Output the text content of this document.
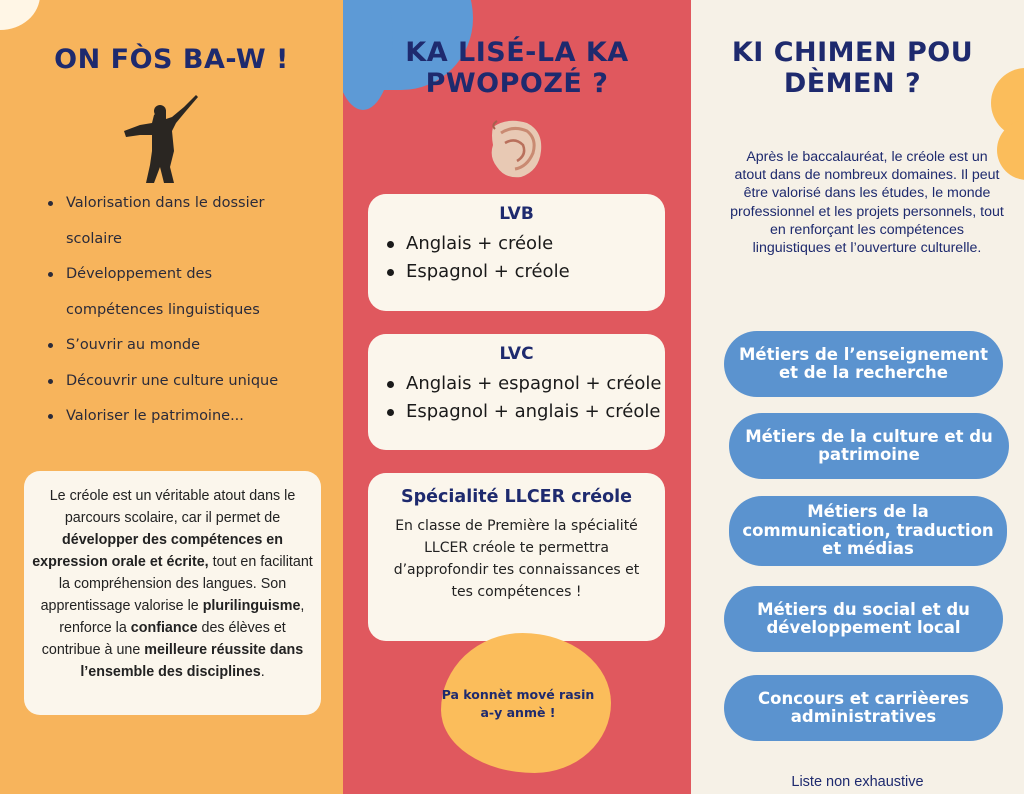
ON FÒS BA-W !
Valorisation dans le dossier
scolaire
Développement des
compétences linguistiques
S’ouvrir au monde
Découvrir une culture unique
Valoriser le patrimoine...
Le créole est un véritable atout dans le parcours scolaire, car il permet de développer des compétences en expression orale et écrite, tout en facilitant la compréhension des langues. Son apprentissage valorise le plurilinguisme, renforce la confiance des élèves et contribue à une meilleure réussite dans l’ensemble des disciplines.
KA LISÉ-LA KA PWOPOZÉ ?
LVB
Anglais + créole
Espagnol + créole
LVC
Anglais + espagnol + créole
Espagnol + anglais + créole
Spécialité LLCER créole
En classe de Première la spécialité LLCER créole te permettra d’approfondir tes connaissances et tes compétences !
Pa konnèt mové rasin a-y anmè !
KI CHIMEN POU DÈMEN ?

Après le baccalauréat, le créole est un atout dans de nombreux domaines. Il peut être valorisé dans les études, le monde professionnel et les projets personnels, tout en renforçant les compétences linguistiques et l’ouverture culturelle.

Métiers de l’enseignement et de la recherche
Métiers de la culture et du patrimoine
Métiers de la communication, traduction et médias
Métiers du social et du développement local
Concours et carrièeres administratives
Liste non exhaustive
